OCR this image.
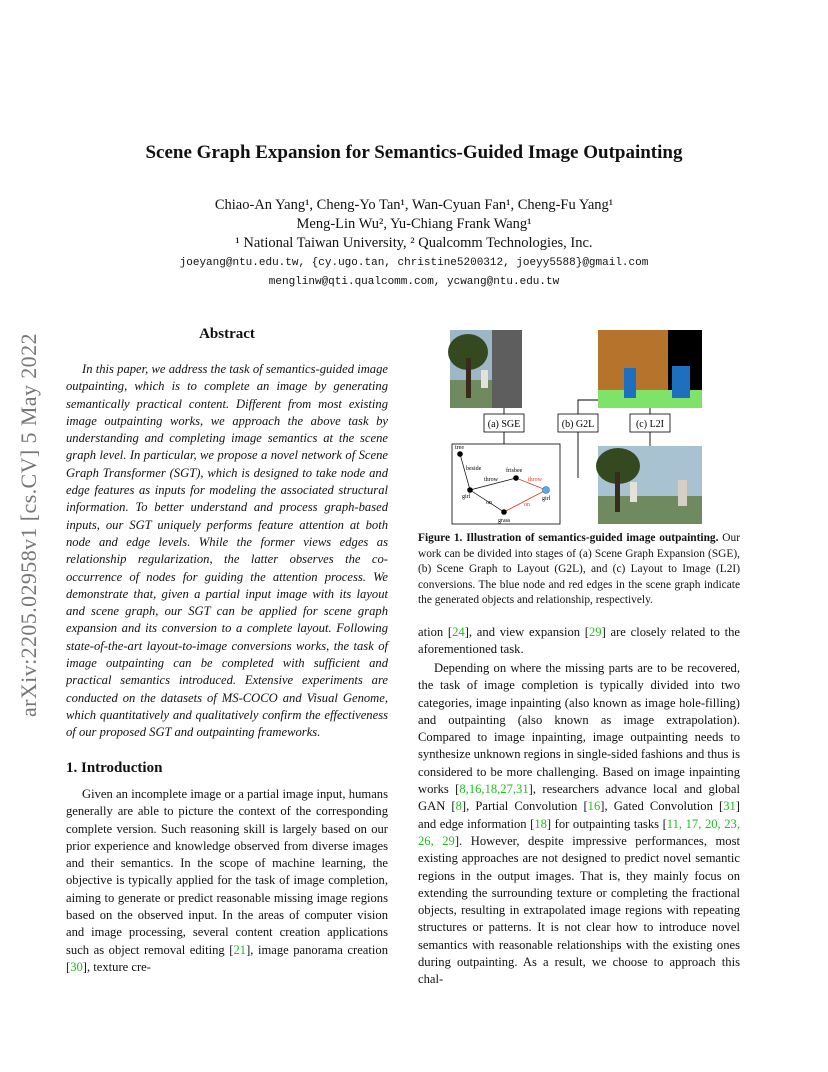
Scene Graph Expansion for Semantics-Guided Image Outpainting
Chiao-An Yang¹, Cheng-Yo Tan¹, Wan-Cyuan Fan¹, Cheng-Fu Yang¹
Meng-Lin Wu², Yu-Chiang Frank Wang¹
¹ National Taiwan University, ² Qualcomm Technologies, Inc.
joeyang@ntu.edu.tw, {cy.ugo.tan, christine5200312, joeyy5588}@gmail.com
menglinw@qti.qualcomm.com, ycwang@ntu.edu.tw
arXiv:2205.02958v1 [cs.CV] 5 May 2022	Abstract

In this paper, we address the task of semantics-guided image outpainting, which is to complete an image by generating semantically practical content. Different from most existing image outpainting works, we approach the above task by understanding and completing image semantics at the scene graph level. In particular, we propose a novel network of Scene Graph Transformer (SGT), which is designed to take node and edge features as inputs for modeling the associated structural information. To better understand and process graph-based inputs, our SGT uniquely performs feature attention at both node and edge levels. While the former views edges as relationship regularization, the latter observes the co-occurrence of nodes for guiding the attention process. We demonstrate that, given a partial input image with its layout and scene graph, our SGT can be applied for scene graph expansion and its conversion to a complete layout. Following state-of-the-art layout-to-image conversions works, the task of image outpainting can be completed with sufficient and practical semantics introduced. Extensive experiments are conducted on the datasets of MS-COCO and Visual Genome, which quantitatively and qualitatively confirm the effectiveness of our proposed SGT and outpainting frameworks.

1. Introduction

Given an incomplete image or a partial image input, humans generally are able to picture the context of the corresponding complete version. Such reasoning skill is largely based on our prior experience and knowledge observed from diverse images and their semantics. In the scope of machine learning, the objective is typically applied for the task of image completion, aiming to generate or predict reasonable missing image regions based on the observed input. In the areas of computer vision and image processing, several content creation applications such as object removal editing [21], image panorama creation [30], texture cre-

(a) SGE	(b) G2L	(c) L2I
tree
girl
frisbee
grass
girl
beside
throw
on
throw
on

Figure 1. Illustration of semantics-guided image outpainting. Our work can be divided into stages of (a) Scene Graph Expansion (SGE), (b) Scene Graph to Layout (G2L), and (c) Layout to Image (L2I) conversions. The blue node and red edges in the scene graph indicate the generated objects and relationship, respectively.

ation [24], and view expansion [29] are closely related to the aforementioned task.

Depending on where the missing parts are to be recovered, the task of image completion is typically divided into two categories, image inpainting (also known as image hole-filling) and outpainting (also known as image extrapolation). Compared to image inpainting, image outpainting needs to synthesize unknown regions in single-sided fashions and thus is considered to be more challenging. Based on image inpainting works [8,16,18,27,31], researchers advance local and global GAN [8], Partial Convolution [16], Gated Convolution [31] and edge information [18] for outpainting tasks [11, 17, 20, 23, 26, 29]. However, despite impressive performances, most existing approaches are not designed to predict novel semantic regions in the output images. That is, they mainly focus on extending the surrounding texture or completing the fractional objects, resulting in extrapolated image regions with repeating structures or patterns. It is not clear how to introduce novel semantics with reasonable relationships with the existing ones during outpainting. As a result, we choose to approach this chal-
